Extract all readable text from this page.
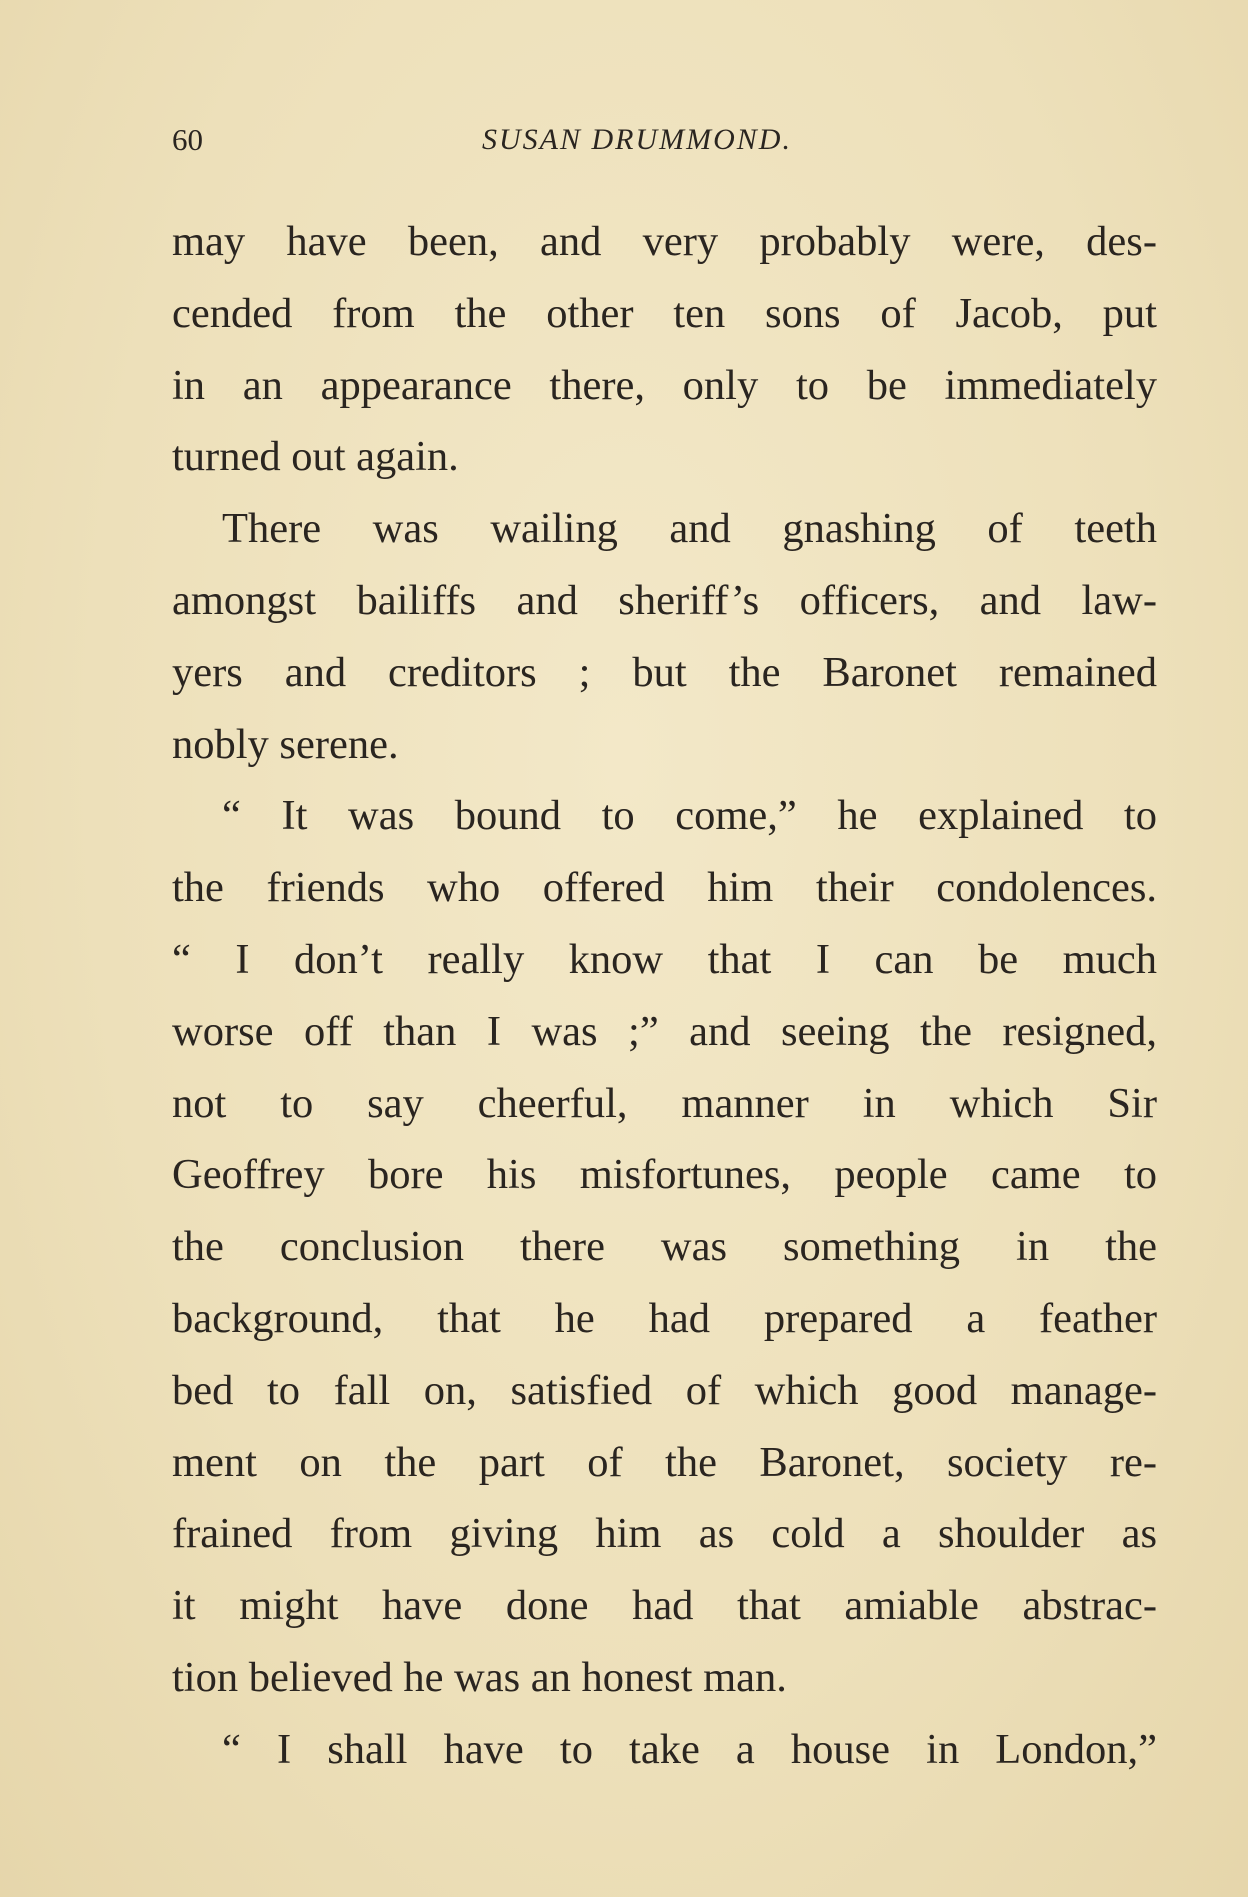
60	SUSAN DRUMMOND.
may have been, and very probably were, des-
cended from the other ten sons of Jacob, put
in an appearance there, only to be immediately
turned out again.
There was wailing and gnashing of teeth
amongst bailiffs and sheriff’s officers, and law-
yers and creditors ; but the Baronet remained
nobly serene.
“ It was bound to come,” he explained to
the friends who offered him their condolences.
“ I don’t really know that I can be much
worse off than I was ;” and seeing the resigned,
not to say cheerful, manner in which Sir
Geoffrey bore his misfortunes, people came to
the conclusion there was something in the
background, that he had prepared a feather
bed to fall on, satisfied of which good manage-
ment on the part of the Baronet, society re-
frained from giving him as cold a shoulder as
it might have done had that amiable abstrac-
tion believed he was an honest man.
“ I shall have to take a house in London,”
